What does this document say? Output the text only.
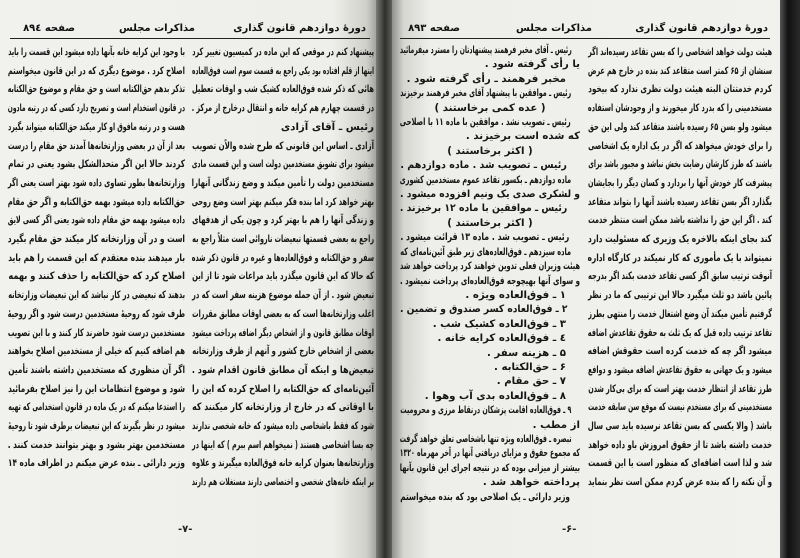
دورهٔ دوازدهم قانون گذاری
مذاکرات مجلس
صفحه ۸۹٤

پیشنهاد کنم در موقعی که این ماده در کمیسیون تغییر کرد

اینها از قلم افتاده بود یکی راجع به قسمت سوم است فوق‌العاده

هائی که ذکر شده فوق‌العاده کشیک شب و اوقات تعطیل

در قسمت چهارم هم کرایه خانه و انتقال درخارج از مرکز .

رئیس ـ آقای آزادی

آزادی ـ اساس این قانونی که طرح شده والاًن تصویب

میشود برای تشویق مستخدمین دولت است و این قسمت مادی

مستخدمین دولت را تأمین میکند و وضع زندگانی آنهارا

بهتر خواهد کرد اما بنده فکر میکنم بهتر است وضع روحی

و زندگی آنها را هم با بهتر کرد و چون یکی از هدفهای

راجع به بعضی قسمتها تبعیضات ناروائی است مثلاً راجع به

سفر و حق‌الکتابه و فوق‌العاده‌ها و غیره در قانون ذکر شده

که حالا که این قانون میگذرد باید مراعات شود تا از این

تبعیض شود . از آن جمله موضوع هزینه سفر است که در

اغلب وزارتخانه‌ها است که به بعضی اوقات مطابق مقررات

اوقات مطابق قانون و از اشخاص دیگر اضافه پرداخت میشود

بعضی از اشخاص خارج کشور و آنهم از طرف وزارتخانه

تبعیض‌ها و اینکه آن مطابق قانون اقدام شود .

آئین‌نامه‌ای که حق‌الکتابه را اصلاح کرده که این را

با اوقاتی که در خارج از وزارتخانه کار میکنند که

شود که فقط باشخاصی داده میشود که خانه شخصی ندارند

چه بسا اشخاصی هستند ( نمیخواهم اسم ببرم ) که اینها در

وزارتخانه‌ها بعنوان کرایه خانه فوق‌العاده میگیرند و علاوه

بر اینکه خانه‌های شخصی و اختصاصی دارند مستغلات هم دارند

با وجود این کرایه خانه بآنها داده میشود این قسمت را باید

اصلاح کرد . موضوع دیگری که در این قانون میخواستم

تذکر بدهم حق‌الکتابه است و حق مقام و موضوع حق‌الکتابه

در قانون استخدام است و تصریح دارد کسی که در رتبه مادون

هست و در رتبه مافوق او کار میکند حق‌الکتابه میتواند بگیرد

بعد از آن در بعضی وزارتخانه‌ها آمدند حق مقام را درست

کردند حالا این اگر متحدالشکل بشود یعنی در تمام

وزارتخانه‌ها بطور تساوی داده شود بهتر است یعنی اگر

حق‌الکتابه داده میشود بهمه حق‌الکتابه و اگر حق مقام

داده میشود بهمه حق مقام داده شود یعنی اگر کسی لایق

است و در آن وزارتخانه کار میکند حق مقام بگیرد

بار میدهند بنده معتقدم که این قسمت را هم باید

اصلاح کرد که حق‌الکتابه را حذف کنند و بهمه

بدهند که تبعیضی در کار نباشد که این تبعیضات وزارتخانه

طرف شود که روحیهٔ مستخدمین درست شود و اگر روحیهٔ

مستخدمین درست شود حاضرند کار کنند و با این تصویب

هم اضافه کنیم که خیلی از مستخدمین اصلاح بخواهند

اگر آن منظوری که مستخدمین داشته باشند تأمین

شود و موضوع انتظامات این را نیز اصلاح بفرمائید

را استدعا میکنم که در یک ماده در قانون استخدامی که تهیه

میشود در نظر بگیرند که این تبعیضات برطرف شود تا روحیهٔ

مستخدمین بهتر بشود و بهتر بتوانند خدمت کنند .

وزیر دارائی ـ بنده عرض میکنم در اطراف ماده ۱۴

-۷-
دورهٔ دوازدهم قانون گذاری
مذاکرات مجلس
صفحه ۸۹۳

هیئت دولت خواهد اشخاصی را که بسن تقاعد رسیده‌اند اگر

سنشان از ۶۵ کمتر است متقاعد کند بنده در خارج هم عرض

کردم خدمتتان البته هیئت دولت نظری ندارد که بیخود

مستخدمینی را که بدرد کار میخورند و از وجودشان استفاده

میشود ولو بسن ۶۵ رسیده باشند متقاعد کند ولی این حق

را برای خودش میخواهد که اگر در یک اداره یک اشخاصی

باشند که طرز کارشان رضایت بخش نباشد و مجبور باشد برای

پیشرفت کار خودش آنها را بردارد و کسان دیگر را بجایشان

بگذارد اگر بسن تقاعد رسیده باشند آنها را بتواند متقاعد

کند . اگر این حق را نداشته باشد ممکن است منتظر خدمت

کند بجای اینکه بالاخره یک وزیری که مسئولیت دارد

نمیتواند با یک مأموری که کار نمیکند در کارگاه اداره

آنوقت ترتیب سابق اگر کسی تقاعد خدمت بکند اگر بدرجه

پائین باشد دو ثلث میگیرد حالا این ترتیبی که ما در نظر

گرفتیم تأمین میکند آن وضع اشتغال خدمت را منتهی بطرز

تقاعد ترتیب داده قبل که یک ثلث به حقوق تقاعدش اضافه

میشود اگر چه که خدمت کرده است حقوقش اضافه

میشود و یک جهانی به حقوق تقاعدش اضافه میشود و دوافع

طرز تقاعد از انتظار خدمت بهتر است که برای بی‌کار شدن

مستخدمینی که برای مستخدم نیست که موقع سن سابقه خدمت

باشد ( والا یکسی که بسن تقاعد نرسیده باید سی سال

خدمت داشته باشد تا از حقوق امروزش باو داده خواهد

شد و لذا است اضافه‌ای که منظور است یا این قسمت

و آن نکته را که بنده عرض کردم ممکن است نظر بنماید

رئیس ـ آقای مخبر فرهمند پیشنهادتان را مسترد میفرمائید

یا رأی گرفته شود .

مخبر فرهمند ـ رأی گرفته شود .

رئیس ـ موافقین با پیشنهاد آقای مخبر فرهمند برخیزند

( عده کمی برخاستند )

رئیس ـ تصویب نشد . موافقین با ماده ۱۱ با اصلاحی

که شده است برخیزند .

( اکثر برخاستند )

رئیس ـ تصویب شد . ماده دوازدهم .

ماده دوازدهم ـ بکسور تقاعد عموم مستخدمین کشوری

و لشکری صدی یک ونیم افزوده میشود .

رئیس ـ موافقین با ماده ۱۲ برخیزند .

( اکثر برخاستند )

رئیس ـ تصویب شد . ماده ۱۳ قرائت میشود .

ماده سیزدهم ـ فوق‌العاده‌های زیر طبق آئین‌نامه‌ای که

هیئت وزیران فعلی تدوین خواهند کرد پرداخت خواهد شد

و سوای آنها بهیچوجه فوق‌العاده‌ای پرداخت نمیشود .

۱ ـ فوق‌العاده ویژه .

۲ ـ فوق‌العاده کسر صندوق و تضمین .

۳ ـ فوق‌العاده کشیک شب .

٤ ـ فوق‌العاده کرایه خانه .

۵ ـ هزینه سفر .

۶ ـ حق‌الکتابه .

۷ ـ حق مقام .

۸ ـ فوق‌العاده بدی آب وهوا .

۹ ـ فوق‌العاده اقامت پزشکان درنقاط مرزی و محرومیت

از مطب .

تبصره ـ فوق‌العاده ویژه تنها باشخاصی تعلق خواهد گرفت

که مجموع حقوق و مزایای دریافتی آنها در آخر مهرماه ۱۳۲۰

بیشتر از میزانی بوده که در نتیجه اجرای این قانون بآنها

پرداخته خواهد شد .

وزیر دارائی ـ یک اصلاحی بود که بنده میخواستم

-۶-
